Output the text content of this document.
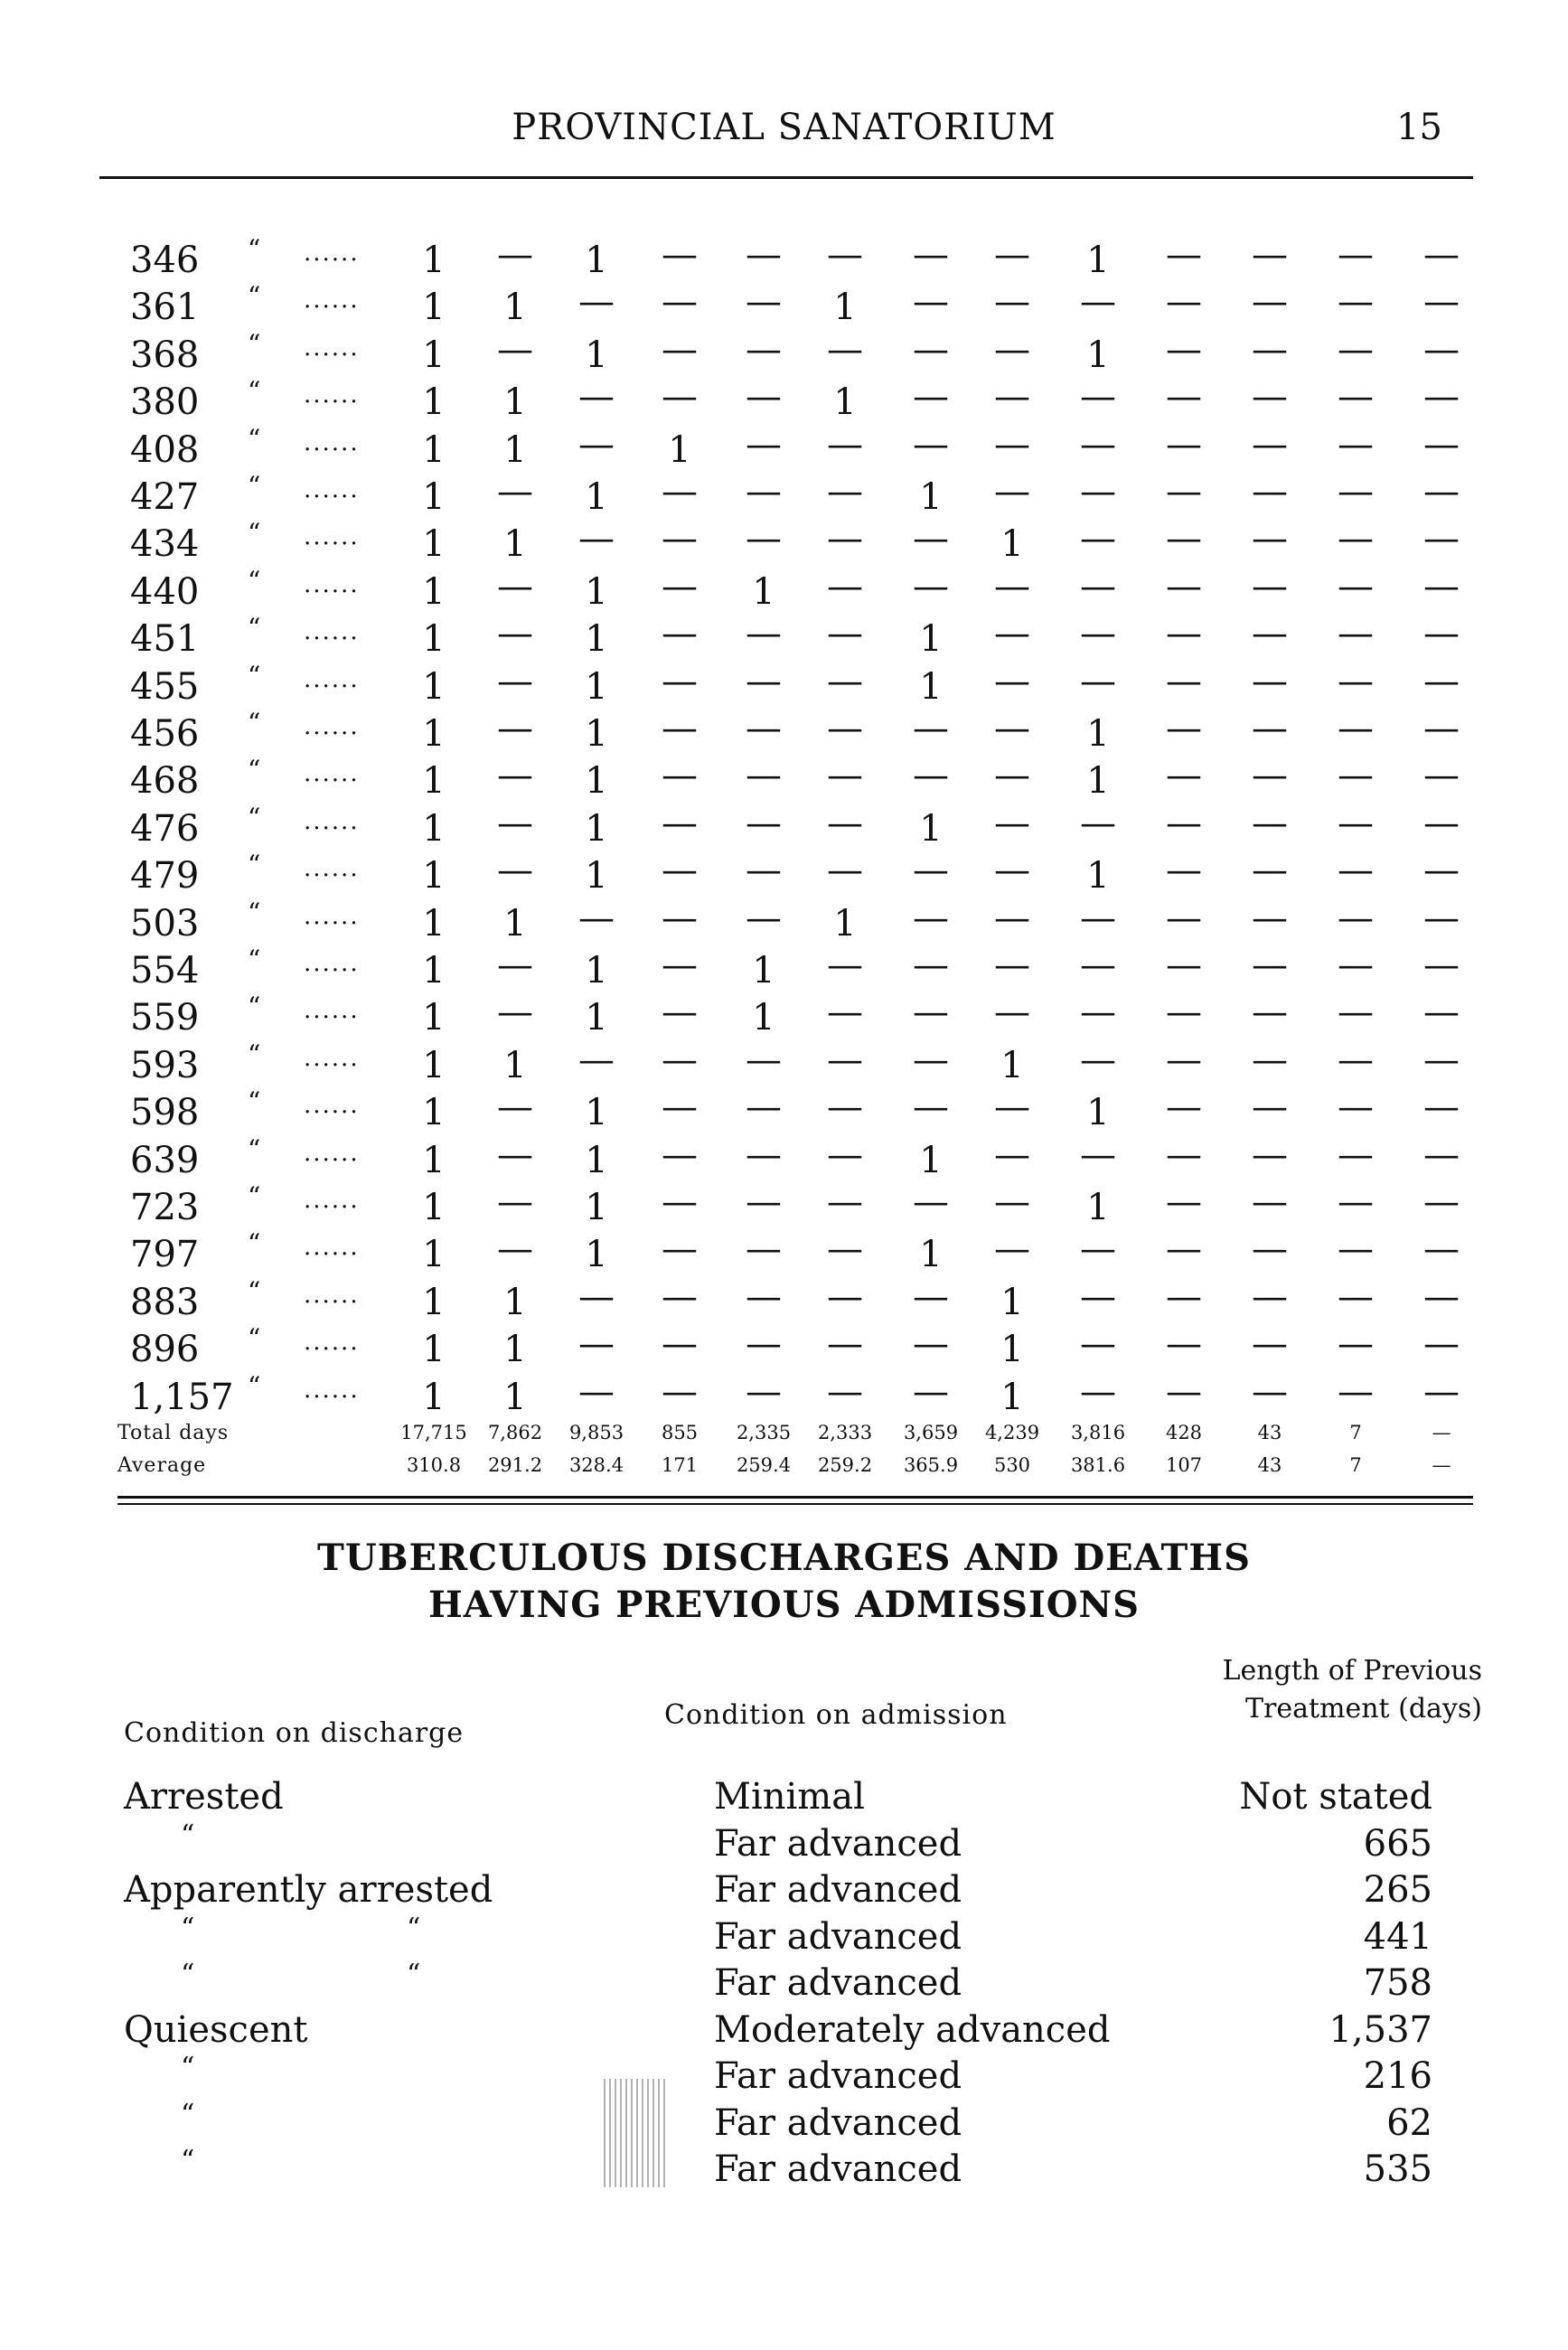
PROVINCIAL SANATORIUM	15
346 “ ......	1	—	1	—	—	—	—	—	1	—	—	—	—
361 “ ......	1	1	—	—	—	1	—	—	—	—	—	—	—
368 “ ......	1	—	1	—	—	—	—	—	1	—	—	—	—
380 “ ......	1	1	—	—	—	1	—	—	—	—	—	—	—
408 “ ......	1	1	—	1	—	—	—	—	—	—	—	—	—
427 “ ......	1	—	1	—	—	—	1	—	—	—	—	—	—
434 “ ......	1	1	—	—	—	—	—	1	—	—	—	—	—
440 “ ......	1	—	1	—	1	—	—	—	—	—	—	—	—
451 “ ......	1	—	1	—	—	—	1	—	—	—	—	—	—
455 “ ......	1	—	1	—	—	—	1	—	—	—	—	—	—
456 “ ......	1	—	1	—	—	—	—	—	1	—	—	—	—
468 “ ......	1	—	1	—	—	—	—	—	1	—	—	—	—
476 “ ......	1	—	1	—	—	—	1	—	—	—	—	—	—
479 “ ......	1	—	1	—	—	—	—	—	1	—	—	—	—
503 “ ......	1	1	—	—	—	1	—	—	—	—	—	—	—
554 “ ......	1	—	1	—	1	—	—	—	—	—	—	—	—
559 “ ......	1	—	1	—	1	—	—	—	—	—	—	—	—
593 “ ......	1	1	—	—	—	—	—	1	—	—	—	—	—
598 “ ......	1	—	1	—	—	—	—	—	1	—	—	—	—
639 “ ......	1	—	1	—	—	—	1	—	—	—	—	—	—
723 “ ......	1	—	1	—	—	—	—	—	1	—	—	—	—
797 “ ......	1	—	1	—	—	—	1	—	—	—	—	—	—
883 “ ......	1	1	—	—	—	—	—	1	—	—	—	—	—
896 “ ......	1	1	—	—	—	—	—	1	—	—	—	—	—
1,157 “ ......	1	1	—	—	—	—	—	1	—	—	—	—	—
Total days	17,715	7,862	9,853	855	2,335	2,333	3,659	4,239	3,816	428	43	7	—
Average	310.8	291.2	328.4	171	259.4	259.2	365.9	530	381.6	107	43	7	—
TUBERCULOUS DISCHARGES AND DEATHS
HAVING PREVIOUS ADMISSIONS
Condition on discharge
Condition on admission
Length of Previous
Treatment (days)
Arrested	Minimal	Not stated
“	Far advanced	665
Apparently arrested	Far advanced	265
“	“	Far advanced	441
“	“	Far advanced	758
Quiescent	Moderately advanced	1,537
“	Far advanced	216
“	Far advanced	62
“	Far advanced	535
